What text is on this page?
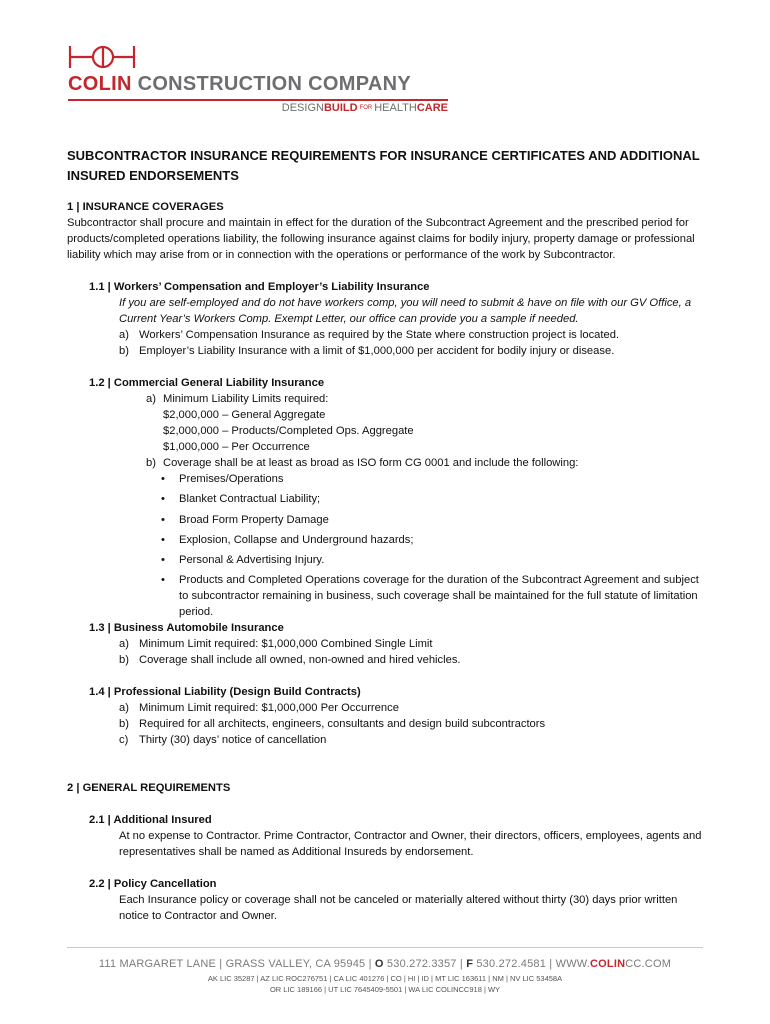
COLIN CONSTRUCTION COMPANY
DESIGNBUILD FOR HEALTHCARE
SUBCONTRACTOR INSURANCE REQUIREMENTS FOR INSURANCE CERTIFICATES AND ADDITIONAL INSURED ENDORSEMENTS
1 | INSURANCE COVERAGES
Subcontractor shall procure and maintain in effect for the duration of the Subcontract Agreement and the prescribed period for products/completed operations liability, the following insurance against claims for bodily injury, property damage or professional liability which may arise from or in connection with the operations or performance of the work by Subcontractor.
1.1 | Workers’ Compensation and Employer’s Liability Insurance
If you are self-employed and do not have workers comp, you will need to submit & have on file with our GV Office, a Current Year’s Workers Comp. Exempt Letter, our office can provide you a sample if needed.
a) Workers’ Compensation Insurance as required by the State where construction project is located.
b) Employer’s Liability Insurance with a limit of $1,000,000 per accident for bodily injury or disease.
1.2 | Commercial General Liability Insurance
a) Minimum Liability Limits required:
$2,000,000 – General Aggregate
$2,000,000 – Products/Completed Ops. Aggregate
$1,000,000 – Per Occurrence
b) Coverage shall be at least as broad as ISO form CG 0001 and include the following:
•	Premises/Operations
•	Blanket Contractual Liability;
•	Broad Form Property Damage
•	Explosion, Collapse and Underground hazards;
•	Personal & Advertising Injury.
•	Products and Completed Operations coverage for the duration of the Subcontract Agreement and subject to subcontractor remaining in business, such coverage shall be maintained for the full statute of limitation period.
1.3 | Business Automobile Insurance
a) Minimum Limit required: $1,000,000 Combined Single Limit
b) Coverage shall include all owned, non-owned and hired vehicles.
1.4 | Professional Liability (Design Build Contracts)
a) Minimum Limit required: $1,000,000 Per Occurrence
b) Required for all architects, engineers, consultants and design build subcontractors
c) Thirty (30) days’ notice of cancellation
2 | GENERAL REQUIREMENTS
2.1 | Additional Insured
At no expense to Contractor. Prime Contractor, Contractor and Owner, their directors, officers, employees, agents and representatives shall be named as Additional Insureds by endorsement.
2.2 | Policy Cancellation
Each Insurance policy or coverage shall not be canceled or materially altered without thirty (30) days prior written notice to Contractor and Owner.
111 MARGARET LANE | GRASS VALLEY, CA 95945 | O 530.272.3357 | F 530.272.4581 | WWW.COLINCC.COM
AK LIC 35287 | AZ LIC ROC276751 | CA LIC 401276 | CO | HI | ID | MT LIC 163611 | NM | NV LIC 53458A
OR LIC 189166 | UT LIC 7645409-5501 | WA LIC COLINCC918 | WY
